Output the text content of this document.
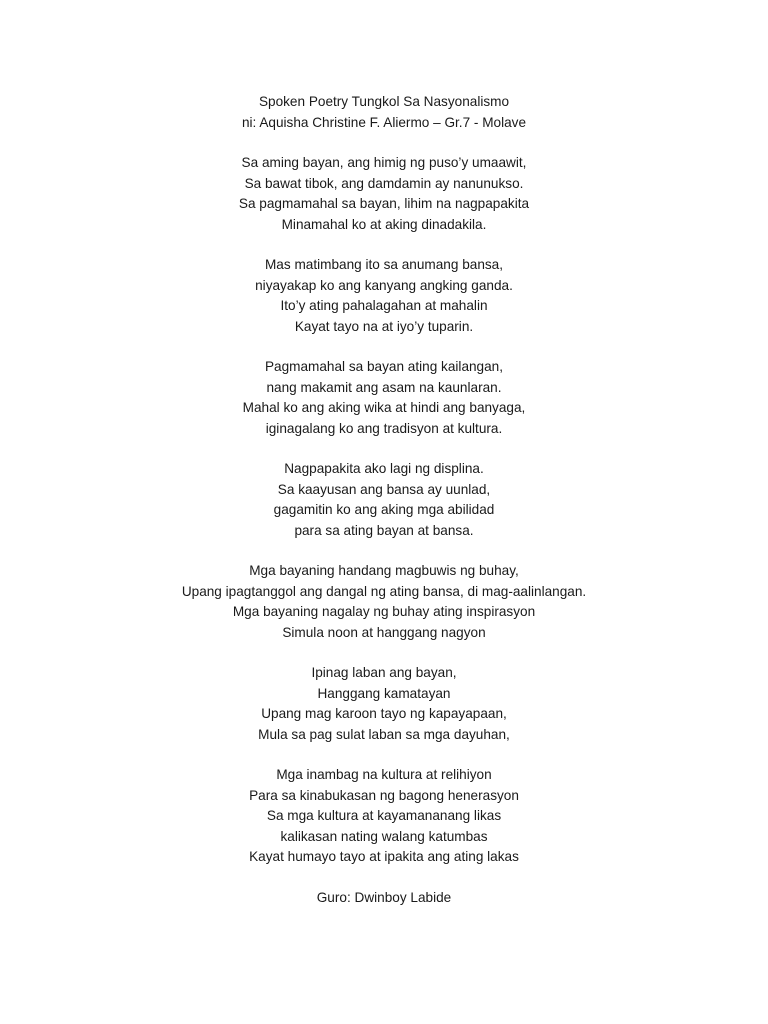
Spoken Poetry Tungkol Sa Nasyonalismo
ni: Aquisha Christine F. Aliermo – Gr.7 - Molave
Sa aming bayan, ang himig ng puso’y umaawit,
Sa bawat tibok, ang damdamin ay nanunukso.
Sa pagmamahal sa bayan, lihim na nagpapakita
Minamahal ko at aking dinadakila.
Mas matimbang ito sa anumang bansa,
niyayakap ko ang kanyang angking ganda.
Ito’y ating pahalagahan at mahalin
Kayat tayo na at iyo’y tuparin.
Pagmamahal sa bayan ating kailangan,
nang makamit ang asam na kaunlaran.
Mahal ko ang aking wika at hindi ang banyaga,
iginagalang ko ang tradisyon at kultura.
Nagpapakita ako lagi ng displina.
Sa kaayusan ang bansa ay uunlad,
gagamitin ko ang aking mga abilidad
para sa ating bayan at bansa.
Mga bayaning handang magbuwis ng buhay,
Upang ipagtanggol ang dangal ng ating bansa, di mag-aalinlangan.
Mga bayaning nagalay ng buhay ating inspirasyon
Simula noon at hanggang nagyon
Ipinag laban ang bayan,
Hanggang kamatayan
Upang mag karoon tayo ng kapayapaan,
Mula sa pag sulat laban sa mga dayuhan,
Mga inambag na kultura at relihiyon
Para sa kinabukasan ng bagong henerasyon
Sa mga kultura at kayamananang likas
kalikasan nating walang katumbas
Kayat humayo tayo at ipakita ang ating lakas
Guro: Dwinboy Labide
